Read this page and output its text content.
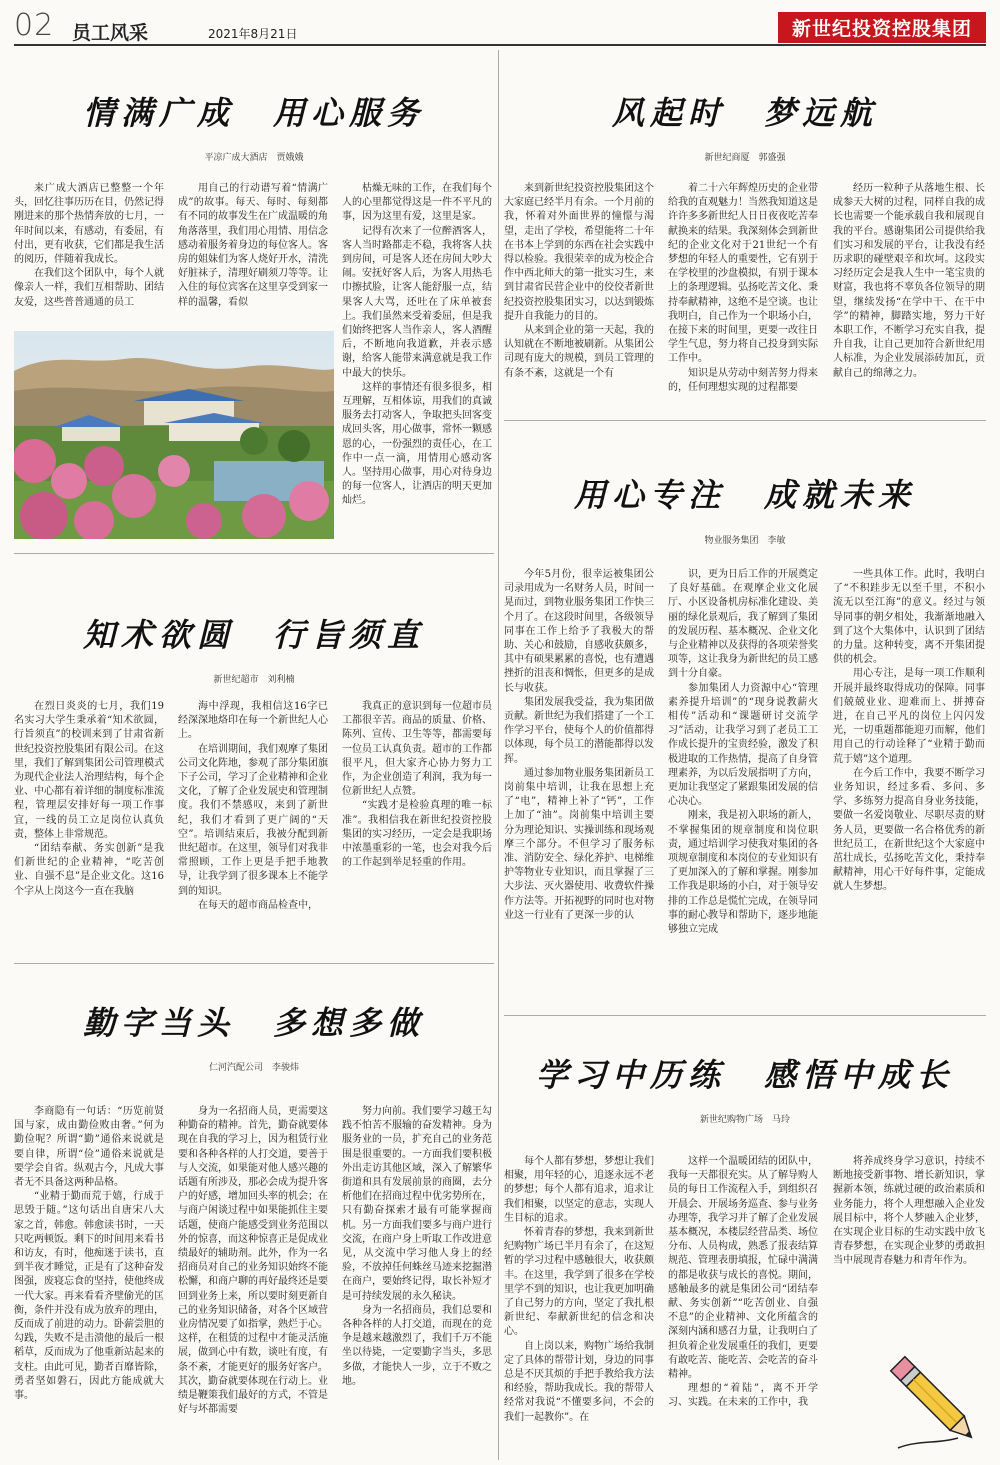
02 员工风采	2021年8月21日	新世纪投资控股集团
情满广成　用心服务
平凉广成大酒店　贾娥娥

来广成大酒店已整整一个年头，回忆往事历历在目，仍然记得刚进来的那个热情奔放的七月，一年时间以来，有感动，有委屈，有付出，更有收获，它们都是我生活的阅历，伴随着我成长。

在我们这个团队中，每个人就像亲人一样，我们互相帮助、团结友爱，这些普普通通的员工

用自己的行动谱写着“情满广成”的故事。每天、每时、每刻都有不同的故事发生在广成温暖的角角落落里，我们用心用情、用信念感动着服务着身边的每位客人。客房的姐妹们为客人烧好开水，清洗好脏袜子，清理好刷须刀等等。让入住的每位宾客在这里享受到家一样的温馨，看似

枯燥无味的工作，在我们每个人的心里都觉得这是一件不平凡的事，因为这里有爱，这里是家。

记得有次来了一位醉酒客人，客人当时路都走不稳，我将客人扶到房间，可是客人还在房间大吵大闹。安抚好客人后，为客人用热毛巾擦拭脸，让客人能舒服一点，结果客人大骂，还吐在了床单被套上。我们虽然来受着委屈，但是我们始终把客人当作亲人，客人酒醒后，不断地向我道歉，并表示感谢，给客人能带来满意就是我工作中最大的快乐。

这样的事情还有很多很多，相互理解，互相体谅，用我们的真诚服务去打动客人，争取把头回客变成回头客，用心做事，常怀一颗感恩的心，一份强烈的责任心，在工作中一点一滴，用情用心感动客人。坚持用心做事，用心对待身边的每一位客人，让酒店的明天更加灿烂。

风起时　梦远航
新世纪商厦　郭盛强

来到新世纪投资控股集团这个大家庭已经半月有余。一个月前的我，怀着对外面世界的憧憬与渴望，走出了学校，希望能将二十年在书本上学到的东西在社会实践中得以检验。我很荣幸的成为校企合作中西北师大的第一批实习生，来到甘肃省民营企业中的佼佼者新世纪投资控股集团实习，以达到锻炼提升自我能力的目的。

从来到企业的第一天起，我的认知就在不断地被刷新。从集团公司现有庞大的规模，到员工管理的有条不紊，这就是一个有

着二十六年辉煌历史的企业带给我的直观魅力！当然我知道这是许许多多新世纪人日日夜夜吃苦奉献换来的结果。我深刻体会到新世纪的企业文化对于21世纪一个有梦想的年轻人的重要性，它有别于在学校里的沙盘模拟，有别于课本上的条理逻辑。弘扬吃苦文化、秉持奉献精神，这绝不是空谈。也让我明白，自己作为一个职场小白，在接下来的时间里，更要一改往日学生气息，努力将自己投身到实际工作中。

知识是从劳动中刻苦努力得来的，任何理想实现的过程都要

经历一粒种子从落地生根、长成参天大树的过程，同样自我的成长也需要一个能承载自我和展现自我的平台。感谢集团公司提供给我们实习和发展的平台，让我没有经历求职的碰壁艰辛和坎坷。这段实习经历定会是我人生中一笔宝贵的财富，我也将不辜负各位领导的期望，继续发扬“在学中干、在干中学”的精神，脚踏实地，努力干好本职工作，不断学习充实自我，提升自我，让自己更加符合新世纪用人标准，为企业发展添砖加瓦，贡献自己的绵薄之力。

用心专注　成就未来
物业服务集团　李敏

今年5月份，很幸运被集团公司录用成为一名财务人员，时间一晃而过，到物业服务集团工作快三个月了。在这段时间里，各级领导同事在工作上给予了我极大的帮助、关心和鼓励，自感收获颇多，其中有硕果累累的喜悦，也有遭遇挫折的沮丧和惆怅，但更多的是成长与收获。

集团发展我受益，我为集团做贡献。新世纪为我们搭建了一个工作学习平台，使每个人的价值都得以体现，每个员工的潜能都得以发挥。

通过参加物业服务集团新员工岗前集中培训，让我在思想上充了“电”，精神上补了“钙”，工作上加了“油”。岗前集中培训主要分为理论知识、实操训练和现场观摩三个部分。不但学习了服务标准、消防安全、绿化养护、电梯维护等物业专业知识，而且掌握了三大步法、灭火器使用、收费软件操作方法等。开拓视野的同时也对物业这一行业有了更深一步的认

识，更为日后工作的开展奠定了良好基础。在观摩企业文化展厅、小区设备机房标准化建设、美丽的绿化景观后，我了解到了集团的发展历程、基本概况、企业文化与企业精神以及获得的各项荣誉奖项等，这让我身为新世纪的员工感到十分自豪。

参加集团人力资源中心“管理素养提升培训”的“现身说教薪火相传”活动和“课题研讨交流学习”活动，让我学习到了老员工工作成长提升的宝贵经验，激发了积极进取的工作热情，提高了自身管理素养，为以后发展指明了方向，更加让我坚定了紧跟集团发展的信心决心。

刚来，我是初入职场的新人，不掌握集团的规章制度和岗位职责，通过培训学习使我对集团的各项规章制度和本岗位的专业知识有了更加深入的了解和掌握。刚参加工作我是职场的小白，对于领导安排的工作总是慌忙完成，在领导同事的耐心教导和帮助下，逐步地能够独立完成

一些具体工作。此时，我明白了“不积跬步无以至千里，不积小流无以至江海”的意义。经过与领导同事的朝夕相处，我渐渐地融入到了这个大集体中，认识到了团结的力量。这种转变，离不开集团提供的机会。

用心专注，是每一项工作顺利开展并最终取得成功的保障。同事们兢兢业业、迎难而上、拼搏奋进，在自己平凡的岗位上闪闪发光，一切重题都能迎刃而解，他们用自己的行动诠释了“业精于勤而荒于嬉”这个道理。

在今后工作中，我要不断学习业务知识，经过多看、多问、多学、多练努力提高自身业务技能，要做一名爱岗敬业、尽职尽责的财务人员，更要做一名合格优秀的新世纪员工，在新世纪这个大家庭中茁壮成长，弘扬吃苦文化，秉持奉献精神，用心干好每件事，定能成就人生梦想。

知术欲圆　行旨须直
新世纪超市　刘利楠

在烈日炎炎的七月，我们19名实习大学生秉承着“知术欲圆，行旨须直”的校训来到了甘肃省新世纪投资控股集团有限公司。在这里，我们了解到集团公司管理模式为现代企业法人治理结构，每个企业、中心都有着详细的制度标准流程，管理层安排好每一项工作事宜，一线的员工立足岗位认真负责，整体上非常规范。

“团结奉献、务实创新”是我们新世纪的企业精神，“吃苦创业、自强不息”是企业文化。这16个字从上岗这今一直在我脑

海中浮现，我相信这16字已经深深地烙印在每一个新世纪人心上。

在培训期间，我们观摩了集团公司文化阵地，参观了部分集团旗下子公司，学习了企业精神和企业文化，了解了企业发展史和管理制度。我们不禁感叹，来到了新世纪，我们才看到了更广阔的“天空”。培训结束后，我被分配到新世纪超市。在这里，领导们对我非常照顾，工作上更是手把手地教导，让我学到了很多课本上不能学到的知识。

在每天的超市商品检查中，

我真正的意识到每一位超市员工都很辛苦。商品的质量、价格、陈列、宣传、卫生等等，都需要每一位员工认真负责。超市的工作都很平凡，但大家齐心协力努力工作，为企业创造了利润，我为每一位新世纪人点赞。

“实践才是检验真理的唯一标准”。我相信我在新世纪投资控股集团的实习经历，一定会是我职场中浓墨重彩的一笔，也会对我今后的工作起到举足轻重的作用。

勤字当头　多想多做
仁河汽配公司　李骏炜

李商隐有一句话：“历览前贤国与家，成由勤俭败由奢。”何为勤俭呢？所谓“勤”通俗来说就是要自律，所谓“俭”通俗来说就是要学会自省。纵观古今，凡成大事者无不具备这两种品格。

“业精于勤而荒于嬉，行成于思毁于随。”这句话出自唐宋八大家之首，韩愈。韩愈读书时，一天只吃两顿饭。剩下的时间用来看书和访友，有时，他痴迷于读书，直到半夜才睡觉，正是有了这种奋发图强，废寝忘食的坚持，使他终成一代大家。再来看看齐壁偷光的匡衡，条件并没有成为放弃的理由，反而成了前进的动力。卧薪尝胆的勾践，失败不是击溃他的最后一根稻草，反而成为了他重新站起来的支柱。由此可见，勤者百靡皆除，勇者坚如磐石，因此方能成就大事。

身为一名招商人员，更需要这种勤奋的精神。首先，勤奋就要体现在自我的学习上，因为租赁行业要和各种各样的人打交道，要善于与人交流，如果能对他人感兴趣的话题有所涉及，那必会成为提升客户的好感，增加回头率的机会；在与商户闲谈过程中如果能抓住主要话题，使商户能感受到业务范围以外的惊喜，而这种惊喜正是促成业绩最好的辅助剂。此外，作为一名招商员对自己的业务知识始终不能松懈，和商户聊的再好最终还是要回到业务上来，所以要时刻更新自己的业务知识储备，对各个区域营业房情况要了如指掌，熟烂于心。这样，在租赁的过程中才能灵活施展，做到心中有数，谈吐有度，有条不紊，才能更好的服务好客户。其次，勤奋就要体现在行动上。业绩是鞭策我们最好的方式，不管是好与坏都需要

努力向前。我们要学习越王勾践不怕苦不服输的奋发精神。身为服务业的一员，扩充自己的业务范围是很重要的。一方面我们要积极外出走访其他区域，深入了解繁华街道和具有发展前景的商圈，去分析他们在招商过程中优劣势所在，只有勤奋探索才最有可能掌握商机。另一方面我们要多与商户进行交流，在商户身上听取工作改进意见，从交流中学习他人身上的经验，不放掉任何蛛丝马迹来挖掘潜在商户，要始终记得，取长补短才是可持续发展的永久秘诀。

身为一名招商员，我们总要和各种各样的人打交道，而现在的竞争是越来越激烈了，我们千万不能坐以待毙，一定要勤字当头，多思多做，才能快人一步，立于不败之地。

学习中历练　感悟中成长
新世纪购物广场　马玲

每个人都有梦想，梦想让我们相聚，用年轻的心，追逐永远不老的梦想；每个人都有追求，追求让我们相聚，以坚定的意志，实现人生目标的追求。

怀着青春的梦想，我来到新世纪购物广场已半月有余了，在这短暂的学习过程中感触很大，收获颇丰。在这里，我学到了很多在学校里学不到的知识，也让我更加明确了自己努力的方向，坚定了我扎根新世纪、奉献新世纪的信念和决心。

自上岗以来，购物广场给我制定了具体的帮带计划，身边的同事总是不厌其烦的手把手教给我方法和经验，帮助我成长。我的帮带人经常对我说“不懂要多问，不会的我们一起教你”。在

这样一个温暖团结的团队中，我每一天都很充实。从了解导购人员的每日工作流程入手，到组织召开晨会、开展场务巡查、参与业务办理等，我学习并了解了企业发展基本概况，本楼层经营品类、场位分布、人员构成，熟悉了报表结算规范、管理表册填报，忙碌中满满的都是收获与成长的喜悦。期间，感触最多的就是集团公司“团结奉献、务实创新”“吃苦创业、自强不息”的企业精神、文化所蕴含的深刻内涵和感召力量，让我明白了担负着企业发展重任的我们，更要有敢吃苦、能吃苦、会吃苦的奋斗精神。

理想的“着陆”，离不开学习、实践。在未来的工作中，我

将养成终身学习意识，持续不断地接受新事物、增长新知识，掌握新本领，练就过硬的政治素质和业务能力，将个人理想融入企业发展目标中，将个人梦融入企业梦，在实现企业目标的生动实践中放飞青春梦想，在实现企业梦的勇敢担当中展现青春魅力和青年作为。
